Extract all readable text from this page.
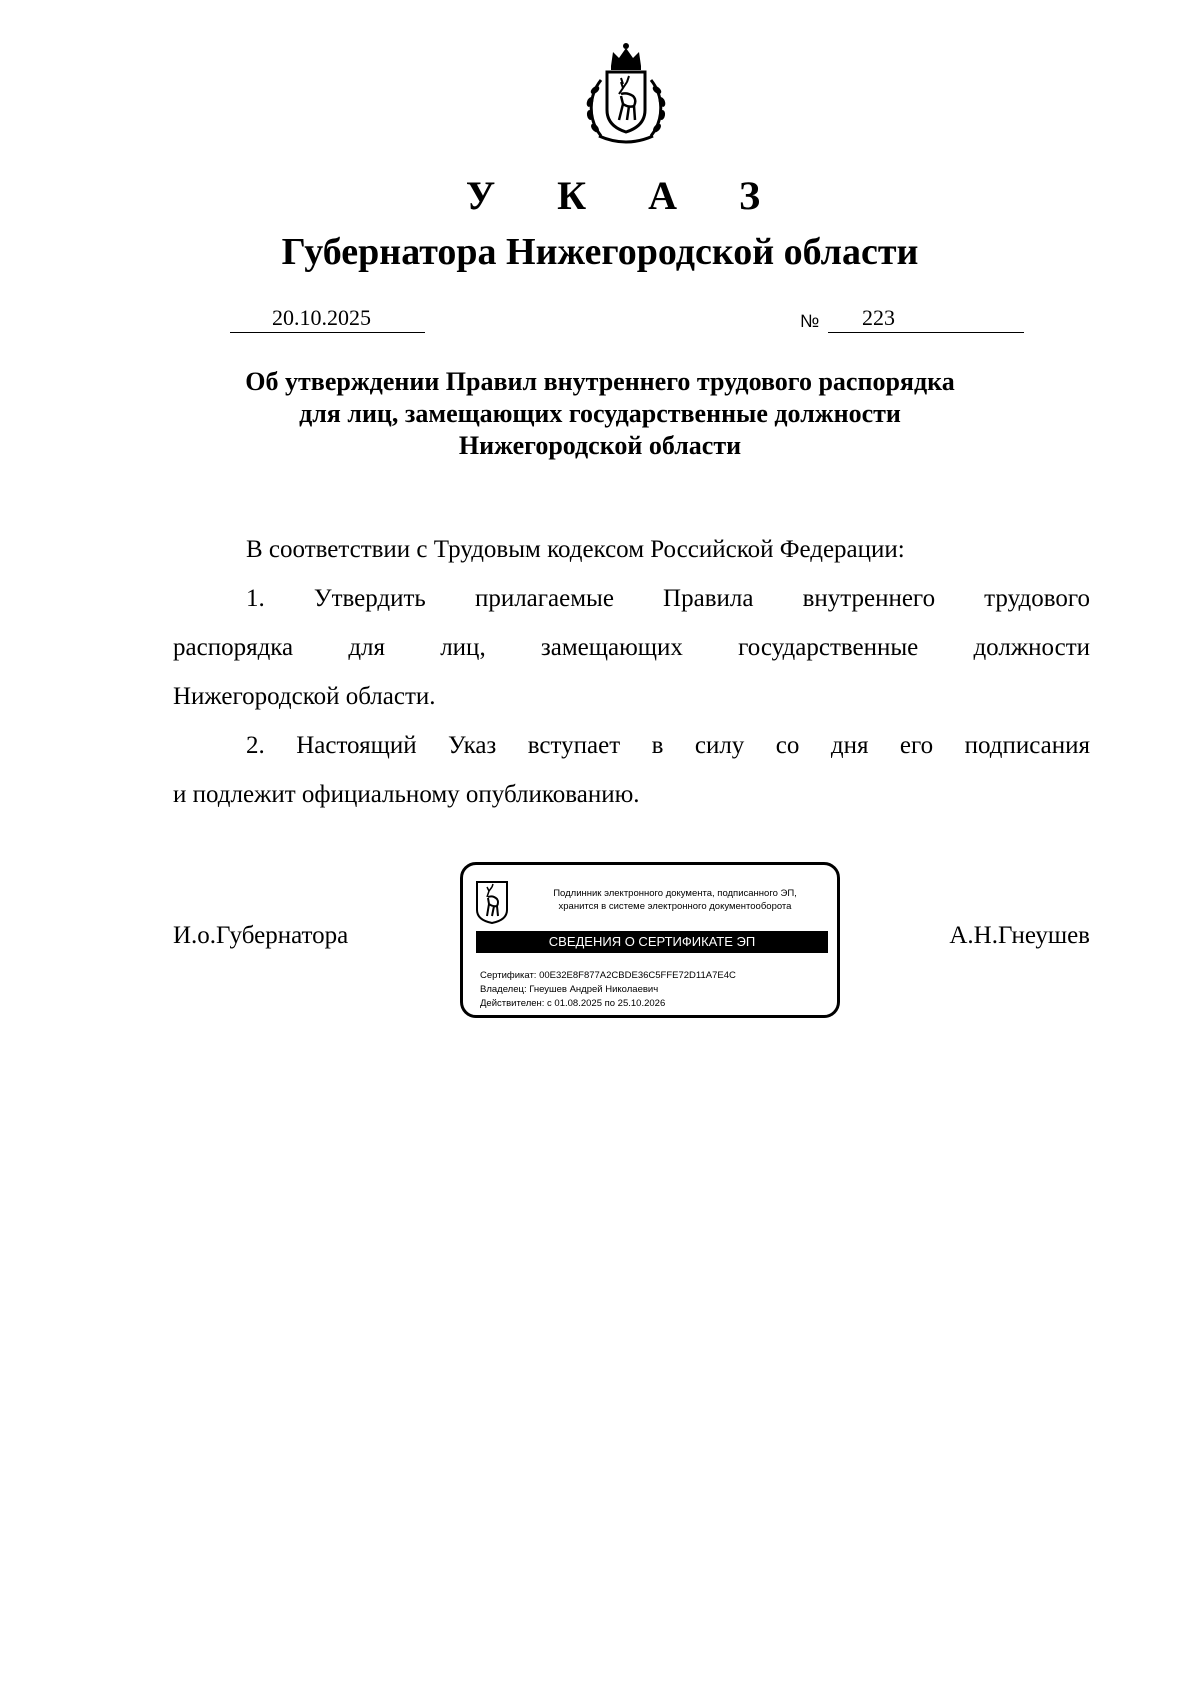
У К А З
Губернатора Нижегородской области
20.10.2025	№ 223
Об утверждении Правил внутреннего трудового распорядка
для лиц, замещающих государственные должности
Нижегородской области

В соответствии с Трудовым кодексом Российской Федерации:

1. Утвердить прилагаемые Правила внутреннего трудового
распорядка для лиц, замещающих государственные должности
Нижегородской области.
2. Настоящий Указ вступает в силу со дня его подписания
и подлежит официальному опубликованию.
И.о.Губернатора	А.Н.Гнеушев
Подлинник электронного документа, подписанного ЭП,
хранится в системе электронного документооборота
СВЕДЕНИЯ О СЕРТИФИКАТЕ ЭП
Сертификат: 00E32E8F877A2CBDE36C5FFE72D11A7E4C
Владелец: Гнеушев Андрей Николаевич
Действителен: с 01.08.2025 по 25.10.2026
